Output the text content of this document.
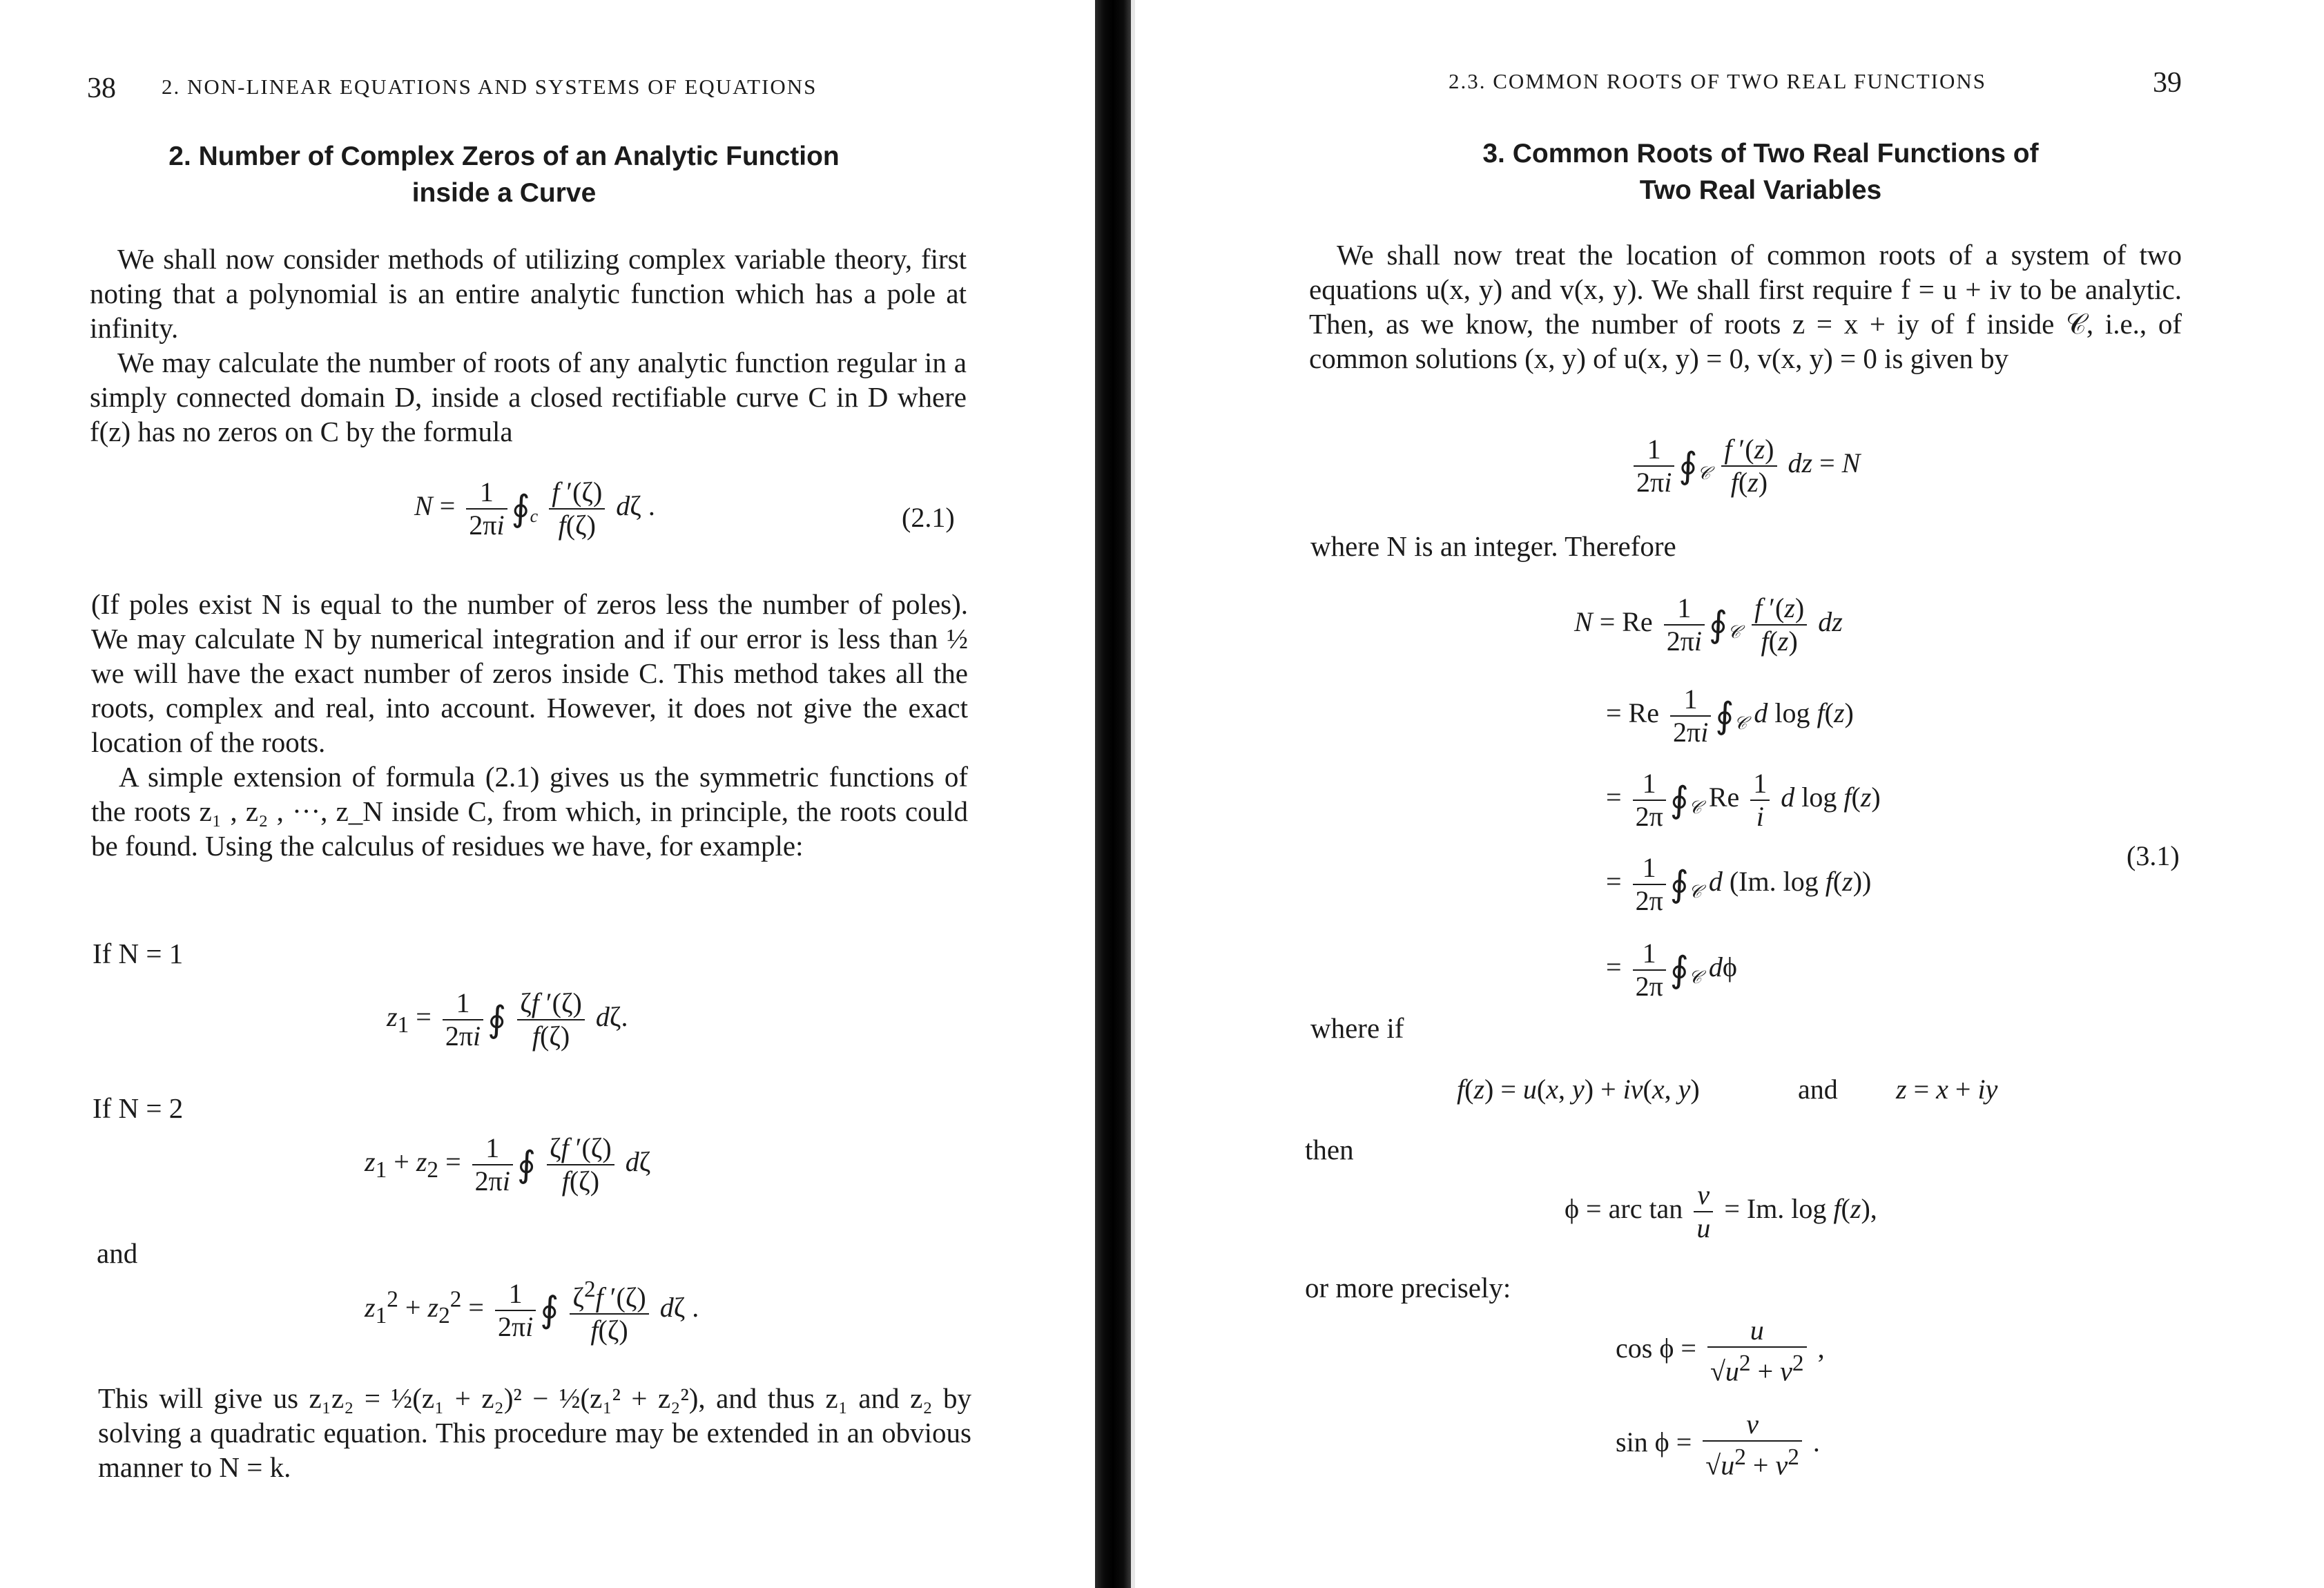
38 2. NON-LINEAR EQUATIONS AND SYSTEMS OF EQUATIONS
2. Number of Complex Zeros of an Analytic Function
inside a Curve
We shall now consider methods of utilizing complex variable theory, first noting that a polynomial is an entire analytic function which has a pole at infinity.
We may calculate the number of roots of any analytic function regular in a simply connected domain D, inside a closed rectifiable curve C in D where f(z) has no zeros on C by the formula
$N = \frac{1}{2\pi i}$ $∮_c \frac{f '(\zeta)}{f(\zeta)}$ dζ .	(2.1)
(If poles exist N is equal to the number of zeros less the number of poles). We may calculate N by numerical integration and if our error is less than ½ we will have the exact number of zeros inside C. This method takes all the roots, complex and real, into account. However, it does not give the exact location of the roots.
A simple extension of formula (2.1) gives us the symmetric functions of the roots z₁ , z₂ , ···, z_N inside C, from which, in principle, the roots could be found. Using the calculus of residues we have, for example:
If N = 1
$z_1 = \frac{1}{2\pi i}$ ∮ $\frac{\zeta f '(\zeta)}{f(\zeta)} d\zeta$.
If N = 2
$z_1 + z_2 = \frac{1}{2\pi i}$ ∮ $\frac{\zeta f '(\zeta)}{f(\zeta)}$ dζ
and
$z_1^2 + z_2^2 = \frac{1}{2\pi i}$ ∮ $\frac{\zeta^2f '(\zeta)}{f(\zeta)}$ dζ .
This will give us z₁z₂ = ½(z₁ + z₂)² − ½(z₁² + z₂²), and thus z₁ and z₂ by solving a quadratic equation. This procedure may be extended in an obvious manner to N = k.
2.3. COMMON ROOTS OF TWO REAL FUNCTIONS	39
3. Common Roots of Two Real Functions of
Two Real Variables
We shall now treat the location of common roots of a system of two equations u(x, y) and v(x, y). We shall first require f = u + iv to be analytic. Then, as we know, the number of roots z = x + iy of f inside 𝒞, i.e., of common solutions (x, y) of u(x, y) = 0, v(x, y) = 0 is given by
$\frac{1}{2\pi i}$ $∮_𝒞 \frac{f '(z)}{f(z)}$ dz = N
where N is an integer. Therefore
N = Re $\frac{1}{2\pi i}$ $∮_𝒞 \frac{f '(z)}{f(z)}$ dz
= Re $\frac{1}{2\pi i}$ $∮_𝒞$ d log f(z)
= $\frac{1}{2\pi}$ $∮_𝒞$ Re $\frac{1}{i}$ d log f(z)
(3.1)
= $\frac{1}{2\pi}$ $∮_𝒞$ d (Im. log f(z))
= $\frac{1}{2\pi}$ $∮_𝒞$ dϕ
where if
f(z) = u(x, y) + iv(x, y)	and z = x + iy
then
ϕ = arc $\tan \frac{v}{u} = Im$. log f(z),
or more precisely:
$\cos \phi = \frac{u}{√u^2 + v^2}$ ,
$\sin \phi = \frac{v}{√u^2 + v^2}$ .
